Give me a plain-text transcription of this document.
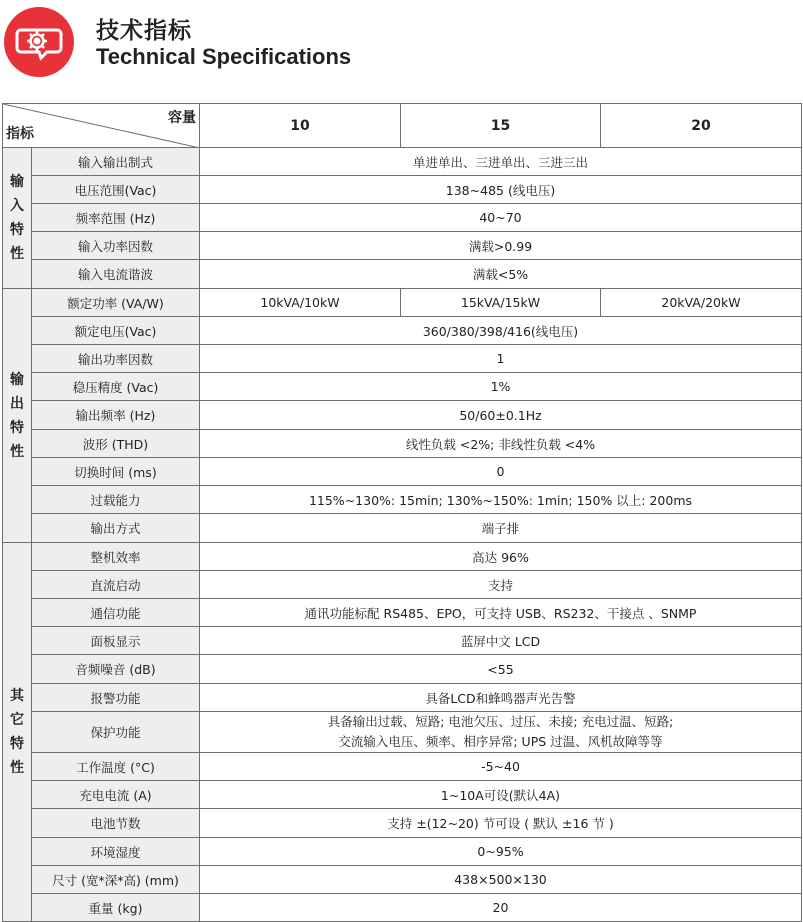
技术指标
Technical Specifications
容量
指标		10	15	20

输
入
特
性	输入输出制式	单进单出、三进单出、三进三出		
	电压范围(Vac)	138~485 (线电压)		
	频率范围 (Hz)	40~70		
	输入功率因数	满载>0.99		
	输入电流谐波	满载<5%		

输
出
特
性	额定功率 (VA/W)	10kVA/10kW	15kVA/15kW	20kVA/20kW
	额定电压(Vac)	360/380/398/416(线电压)		
	输出功率因数	1		
	稳压精度 (Vac)	1%		
	输出频率 (Hz)	50/60±0.1Hz		
	波形 (THD)	线性负载 <2%; 非线性负载 <4%		
	切换时间 (ms)	0		
	过载能力	115%~130%: 15min; 130%~150%: 1min; 150% 以上: 200ms		
	输出方式	端子排		

其
它
特
性	整机效率	高达 96%		
	直流启动	支持		
	通信功能	通讯功能标配 RS485、EPO，可支持 USB、RS232、干接点 、SNMP		
	面板显示	蓝屏中文 LCD		
	音频噪音 (dB)	<55		
	报警功能	具备LCD和蜂鸣器声光告警		
	保护功能	具备输出过载、短路; 电池欠压、过压、未接; 充电过温、短路;
交流输入电压、频率、相序异常; UPS 过温、风机故障等等		

	工作温度 (°C)	-5~40		
	充电电流 (A)	1~10A可设(默认4A)		
	电池节数	支持 ±(12~20) 节可设 ( 默认 ±16 节 )		
	环境湿度	0~95%		
	尺寸 (宽*深*高) (mm)	438×500×130		
	重量 (kg)	20		
